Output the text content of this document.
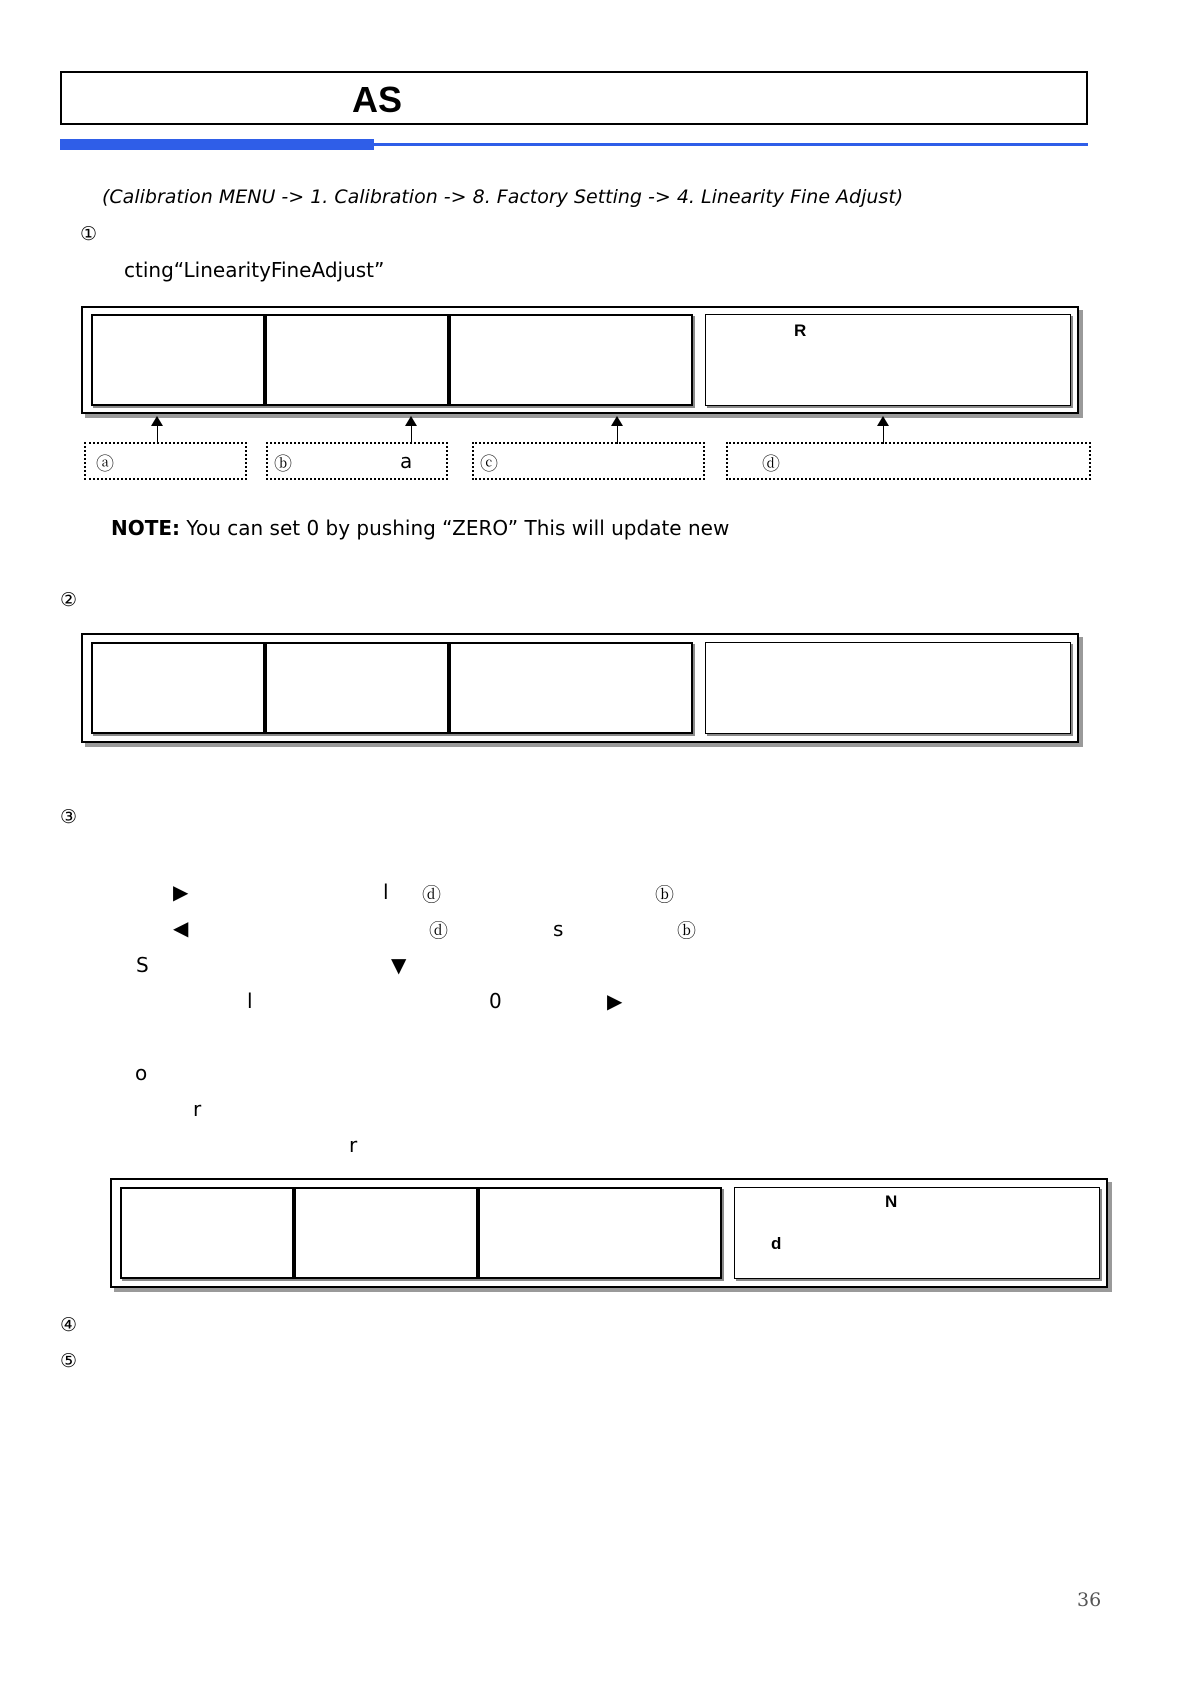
AS
(Calibration MENU -> 1. Calibration -> 8. Factory Setting -> 4. Linearity Fine Adjust)
①
cting“LinearityFineAdjust”
R
ⓐ	ⓑ	a	ⓒ	ⓓ
NOTE: You can set 0 by pushing “ZERO” This will update new
②
③
▶	l ⓓ	ⓑ
◀	ⓓ	s	ⓑ
S	▼
l	0	▶
o
r
r
N
d
④
⑤
36
